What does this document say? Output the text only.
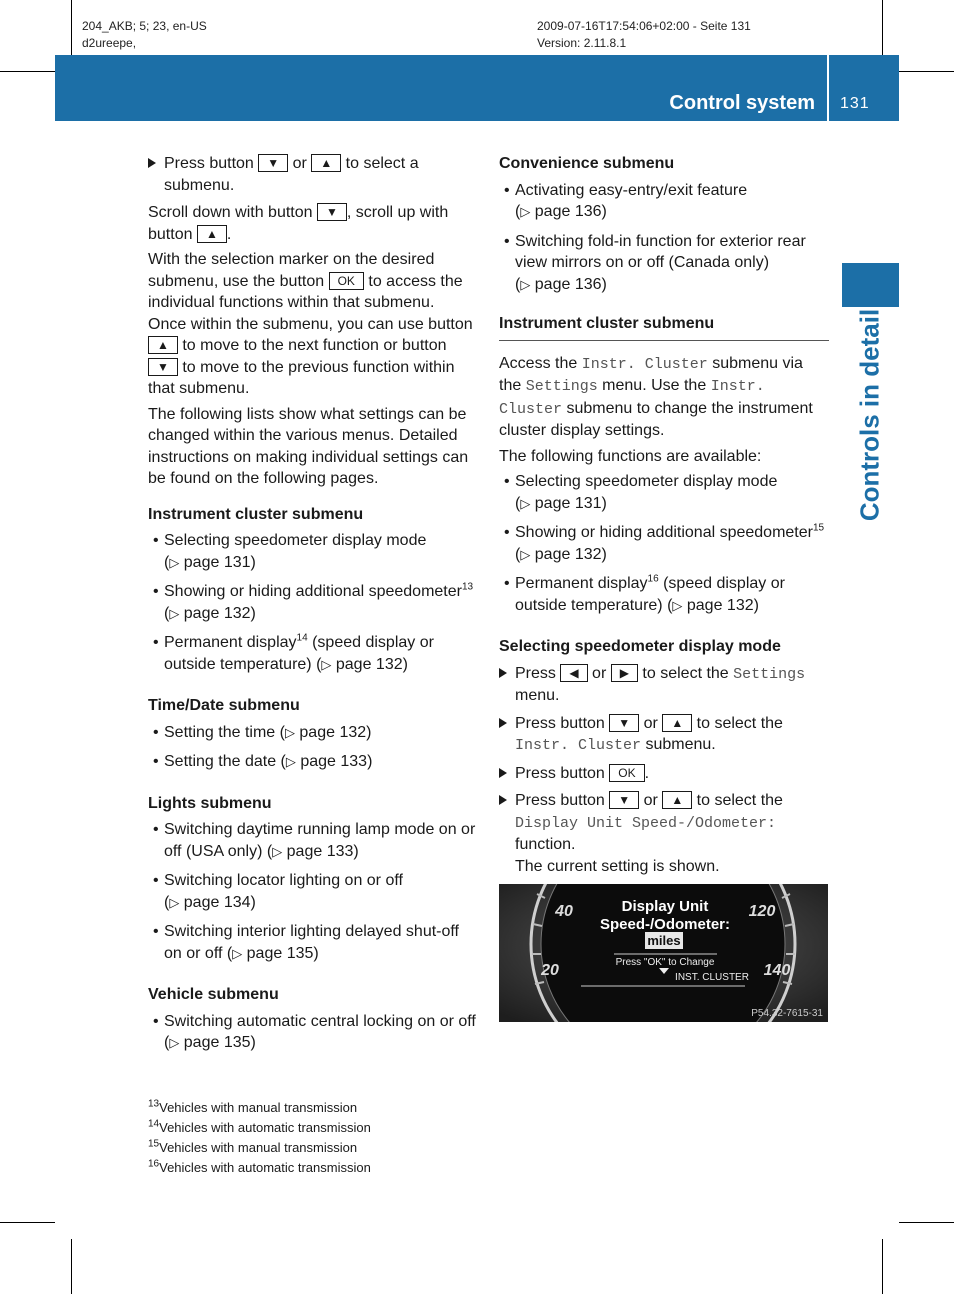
204_AKB; 5; 23, en-US
d2ureepe,
2009-07-16T17:54:06+02:00 - Seite 131
Version: 2.11.8.1
Control system 131
Controls in detail
Press button ▼ or ▲ to select a submenu.

Scroll down with button ▼ , scroll up with button ▲ .

With the selection marker on the desired submenu, use the button OK to access the individual functions within that submenu.

Once within the submenu, you can use button ▲ to move to the next function or button ▼ to move to the previous function within that submenu.

The following lists show what settings can be changed within the various menus. Detailed instructions on making individual settings can be found on the following pages.

Instrument cluster submenu
• Selecting speedometer display mode
(▷ page 131)
• Showing or hiding additional speedometer$^{13}$ (▷ page 132)
• Permanent display$^{14}$ (speed display or outside temperature) (▷ page 132)
Time/Date submenu
• Setting the time (▷ page 132)
• Setting the date (▷ page 133)
Lights submenu
• Switching daytime running lamp mode on or off (USA only) (▷ page 133)
• Switching locator lighting on or off
(▷ page 134)
• Switching interior lighting delayed shut-off on or off (▷ page 135)
Vehicle submenu
• Switching automatic central locking on or off (▷ page 135)
Convenience submenu
• Activating easy-entry/exit feature
(▷ page 136)
• Switching fold-in function for exterior rear view mirrors on or off (Canada only)
(▷ page 136)
Instrument cluster submenu

Access the Instr. Cluster submenu via the Settings menu. Use the Instr. Cluster submenu to change the instrument cluster display settings.

The following functions are available:

• Selecting speedometer display mode
(▷ page 131)
• Showing or hiding additional speedometer$^{15}$ (▷ page 132)
• Permanent display$^{16}$ (speed display or outside temperature) (▷ page 132)
Selecting speedometer display mode
Press ◀ or ▶ to select the Settings menu.
Press button ▼ or ▲ to select the Instr. Cluster submenu.
Press button OK .
Press button ▼ or ▲ to select the Display Unit Speed-/Odometer: function.
The current setting is shown.
Display Unit
Speed-/Odometer:
miles
Press "OK" to Change
INST. CLUSTER
40
20
120
140
P54.32-7615-31
$^{13}$Vehicles with manual transmission
$^{14}$Vehicles with automatic transmission
$^{15}$Vehicles with manual transmission
$^{16}$Vehicles with automatic transmission
